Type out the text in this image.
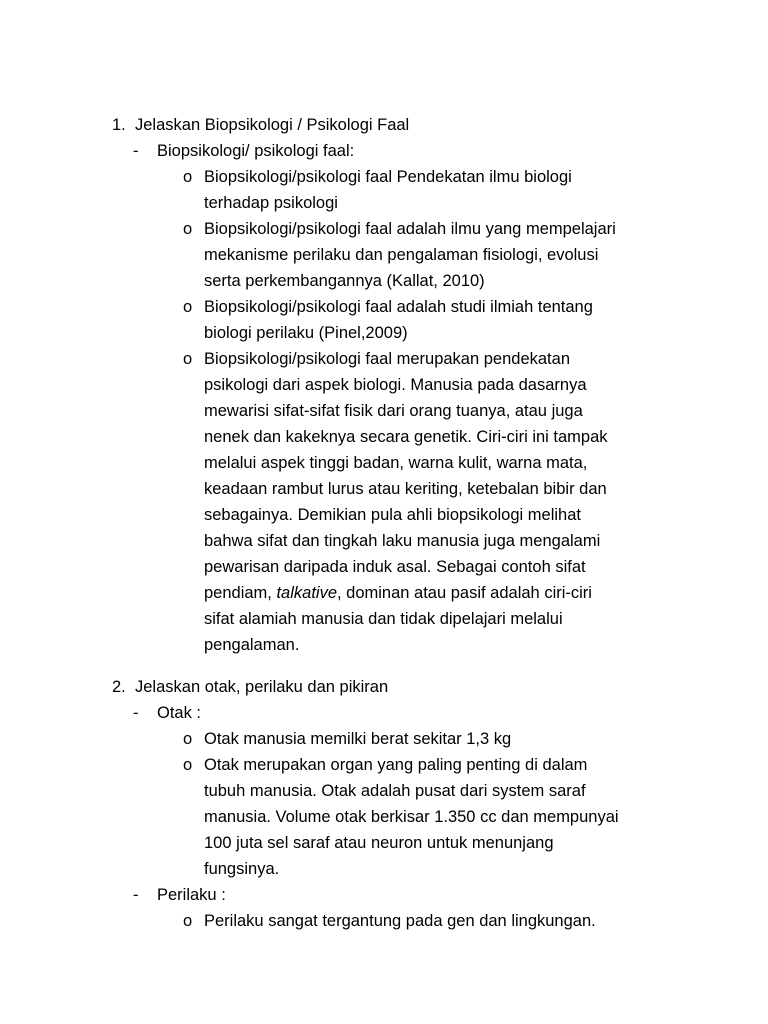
1. Jelaskan Biopsikologi / Psikologi Faal
- Biopsikologi/ psikologi faal:
o Biopsikologi/psikologi faal Pendekatan ilmu biologi
terhadap psikologi
o Biopsikologi/psikologi faal adalah ilmu yang mempelajari
mekanisme perilaku dan pengalaman fisiologi, evolusi
serta perkembangannya (Kallat, 2010)
o Biopsikologi/psikologi faal adalah studi ilmiah tentang
biologi perilaku (Pinel,2009)
o Biopsikologi/psikologi faal merupakan pendekatan
psikologi dari aspek biologi. Manusia pada dasarnya
mewarisi sifat-sifat fisik dari orang tuanya, atau juga
nenek dan kakeknya secara genetik. Ciri-ciri ini tampak
melalui aspek tinggi badan, warna kulit, warna mata,
keadaan rambut lurus atau keriting, ketebalan bibir dan
sebagainya. Demikian pula ahli biopsikologi melihat
bahwa sifat dan tingkah laku manusia juga mengalami
pewarisan daripada induk asal. Sebagai contoh sifat
pendiam, talkative, dominan atau pasif adalah ciri-ciri
sifat alamiah manusia dan tidak dipelajari melalui
pengalaman.
2. Jelaskan otak, perilaku dan pikiran
- Otak :
o Otak manusia memilki berat sekitar 1,3 kg
o Otak merupakan organ yang paling penting di dalam
tubuh manusia. Otak adalah pusat dari system saraf
manusia. Volume otak berkisar 1.350 cc dan mempunyai
100 juta sel saraf atau neuron untuk menunjang
fungsinya.
- Perilaku :
o Perilaku sangat tergantung pada gen dan lingkungan.
